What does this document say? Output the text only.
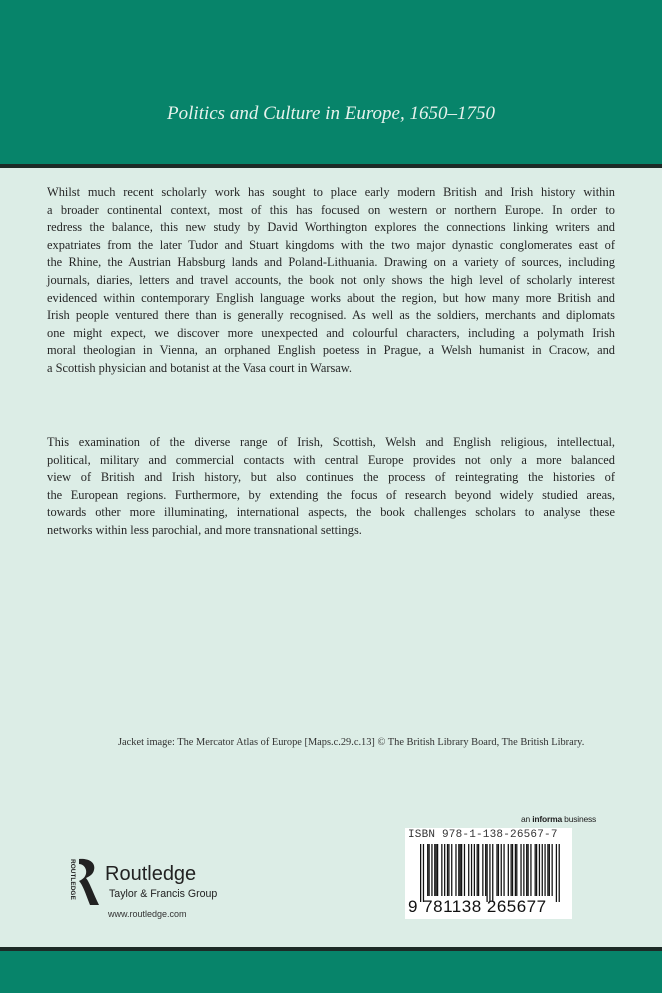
Politics and Culture in Europe, 1650–1750
Whilst much recent scholarly work has sought to place early modern British and Irish history within
a broader continental context, most of this has focused on western or northern Europe. In order to
redress the balance, this new study by David Worthington explores the connections linking writers and
expatriates from the later Tudor and Stuart kingdoms with the two major dynastic conglomerates east of
the Rhine, the Austrian Habsburg lands and Poland-Lithuania. Drawing on a variety of sources, including
journals, diaries, letters and travel accounts, the book not only shows the high level of scholarly interest
evidenced within contemporary English language works about the region, but how many more British and
Irish people ventured there than is generally recognised. As well as the soldiers, merchants and diplomats
one might expect, we discover more unexpected and colourful characters, including a polymath Irish
moral theologian in Vienna, an orphaned English poetess in Prague, a Welsh humanist in Cracow, and
a Scottish physician and botanist at the Vasa court in Warsaw.
This examination of the diverse range of Irish, Scottish, Welsh and English religious, intellectual,
political, military and commercial contacts with central Europe provides not only a more balanced
view of British and Irish history, but also continues the process of reintegrating the histories of
the European regions. Furthermore, by extending the focus of research beyond widely studied areas,
towards other more illuminating, international aspects, the book challenges scholars to analyse these
networks within less parochial, and more transnational settings.
Jacket image: The Mercator Atlas of Europe [Maps.c.29.c.13] © The British Library Board, The British Library.
an informa business
ISBN 978-1-138-26567-7
9 781138 265677
ROUTLEDGE Routledge
Taylor & Francis Group
www.routledge.com
